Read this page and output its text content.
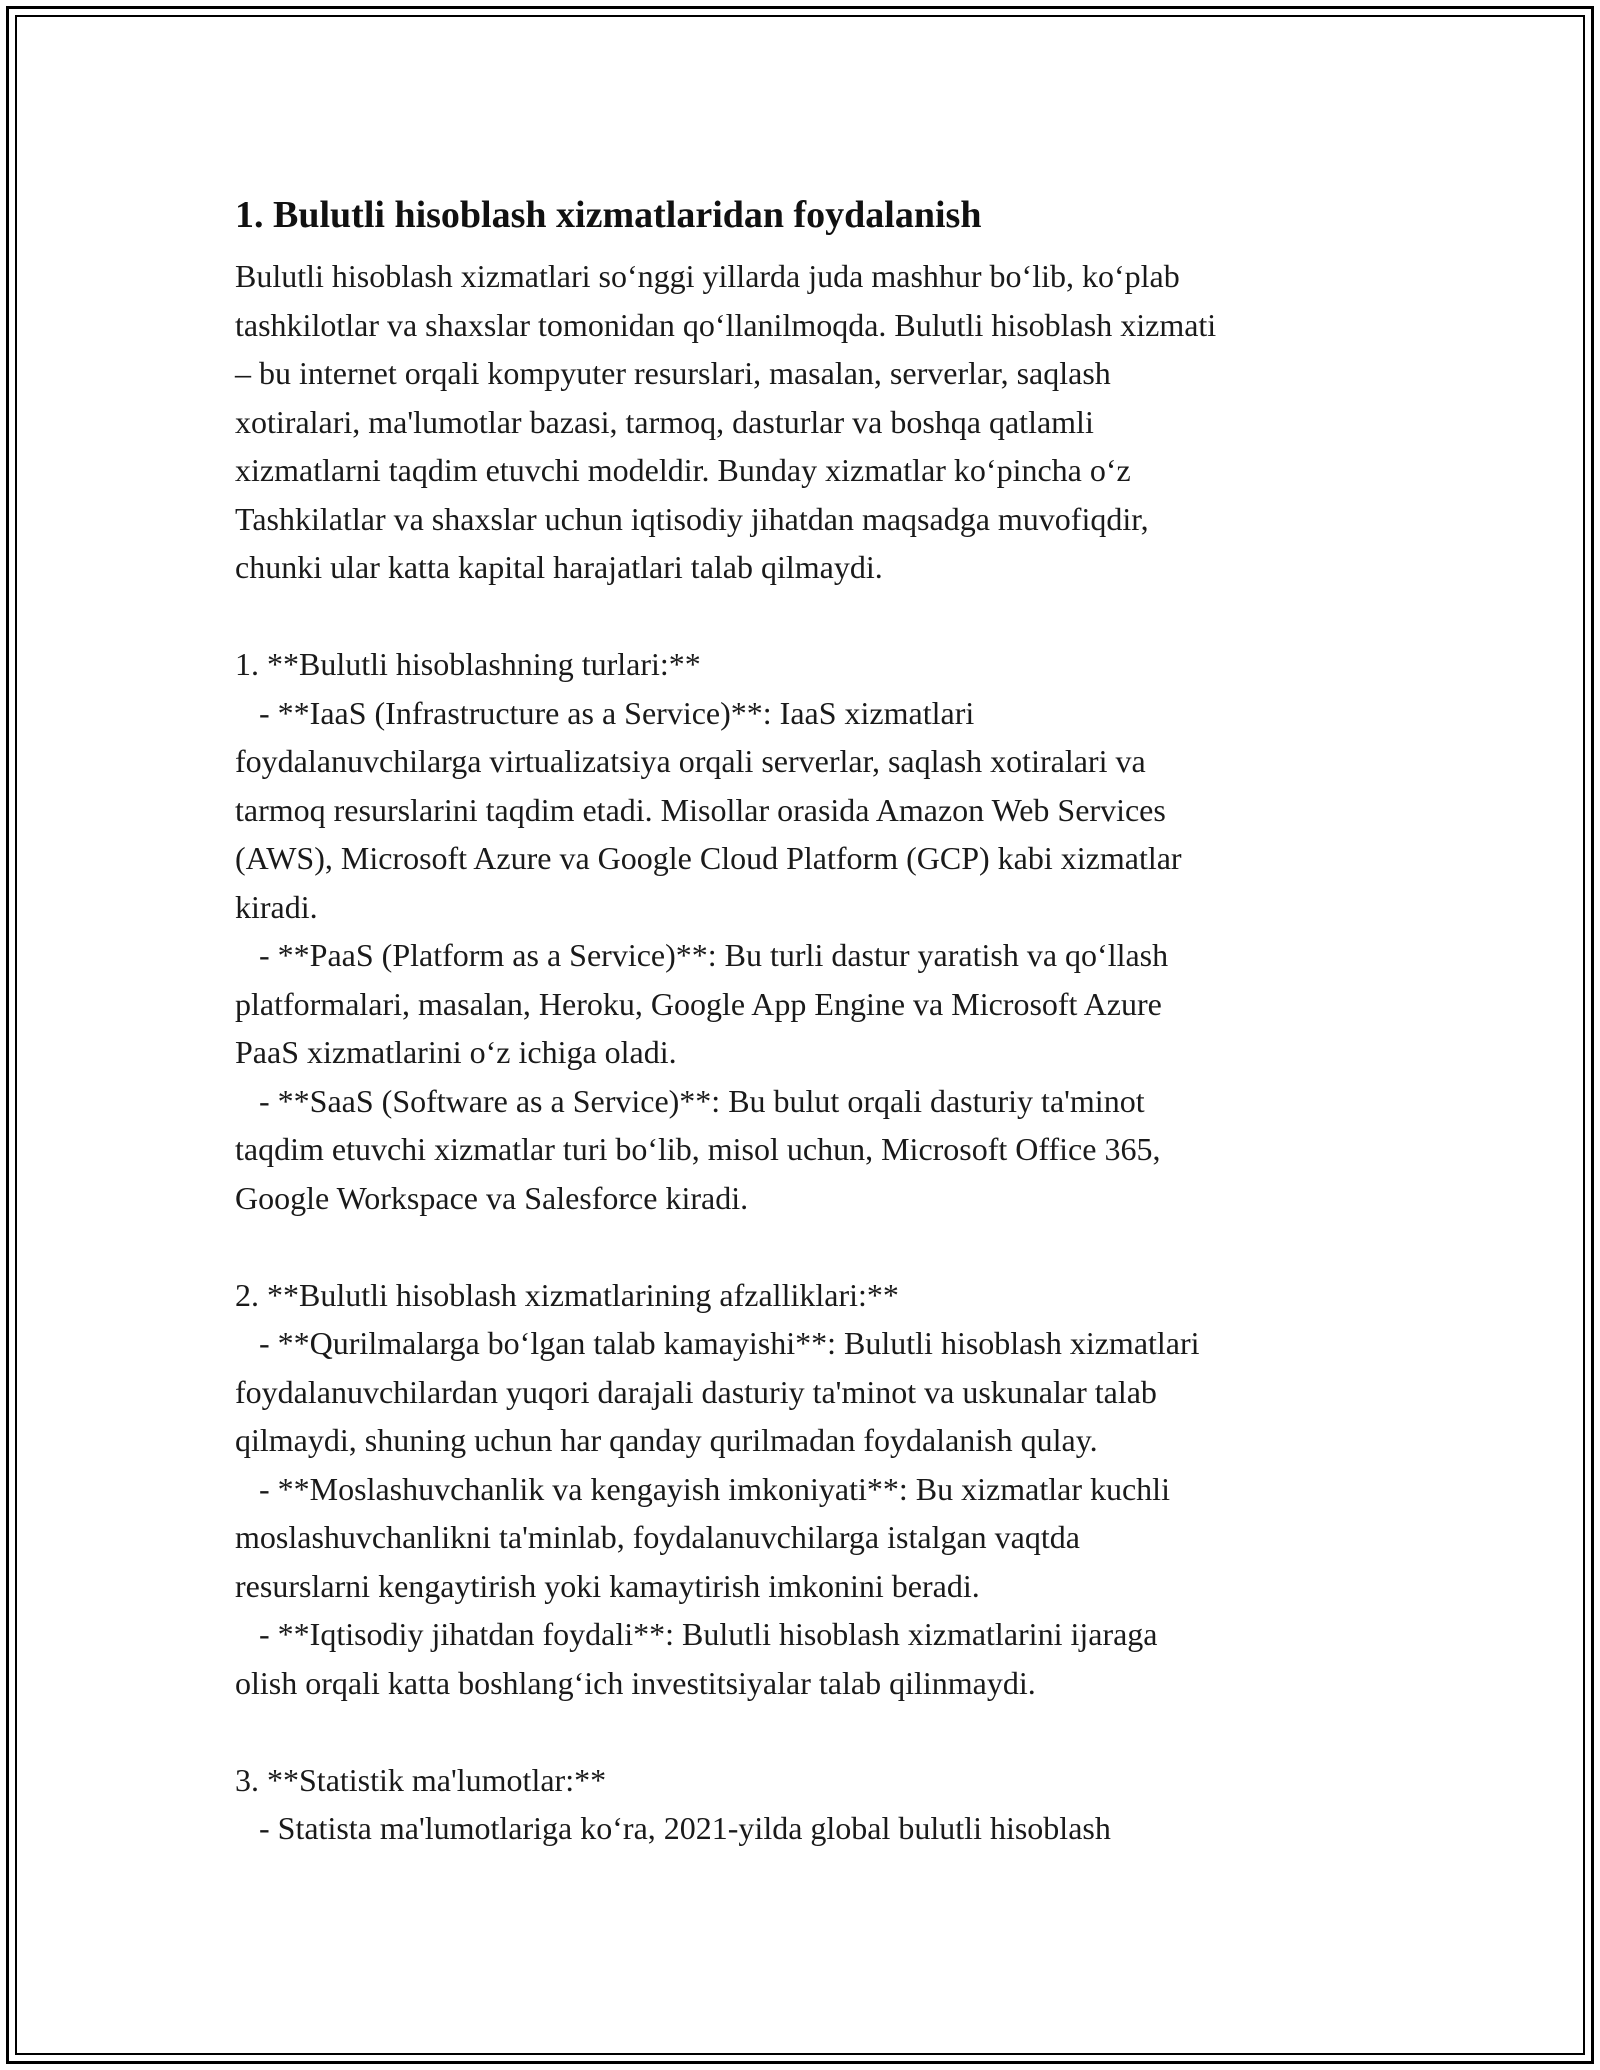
1. Bulutli hisoblash xizmatlaridan foydalanish
Bulutli hisoblash xizmatlari so‘nggi yillarda juda mashhur bo‘lib, ko‘plab
tashkilotlar va shaxslar tomonidan qo‘llanilmoqda. Bulutli hisoblash xizmati
– bu internet orqali kompyuter resurslari, masalan, serverlar, saqlash
xotiralari, ma'lumotlar bazasi, tarmoq, dasturlar va boshqa qatlamli
xizmatlarni taqdim etuvchi modeldir. Bunday xizmatlar ko‘pincha o‘z
Tashkilatlar va shaxslar uchun iqtisodiy jihatdan maqsadga muvofiqdir,
chunki ular katta kapital harajatlari talab qilmaydi.
1. **Bulutli hisoblashning turlari:**
- **IaaS (Infrastructure as a Service)**: IaaS xizmatlari
foydalanuvchilarga virtualizatsiya orqali serverlar, saqlash xotiralari va
tarmoq resurslarini taqdim etadi. Misollar orasida Amazon Web Services
(AWS), Microsoft Azure va Google Cloud Platform (GCP) kabi xizmatlar
kiradi.
- **PaaS (Platform as a Service)**: Bu turli dastur yaratish va qo‘llash
platformalari, masalan, Heroku, Google App Engine va Microsoft Azure
PaaS xizmatlarini o‘z ichiga oladi.
- **SaaS (Software as a Service)**: Bu bulut orqali dasturiy ta'minot
taqdim etuvchi xizmatlar turi bo‘lib, misol uchun, Microsoft Office 365,
Google Workspace va Salesforce kiradi.
2. **Bulutli hisoblash xizmatlarining afzalliklari:**
- **Qurilmalarga bo‘lgan talab kamayishi**: Bulutli hisoblash xizmatlari
foydalanuvchilardan yuqori darajali dasturiy ta'minot va uskunalar talab
qilmaydi, shuning uchun har qanday qurilmadan foydalanish qulay.
- **Moslashuvchanlik va kengayish imkoniyati**: Bu xizmatlar kuchli
moslashuvchanlikni ta'minlab, foydalanuvchilarga istalgan vaqtda
resurslarni kengaytirish yoki kamaytirish imkonini beradi.
- **Iqtisodiy jihatdan foydali**: Bulutli hisoblash xizmatlarini ijaraga
olish orqali katta boshlang‘ich investitsiyalar talab qilinmaydi.
3. **Statistik ma'lumotlar:**
- Statista ma'lumotlariga ko‘ra, 2021-yilda global bulutli hisoblash
